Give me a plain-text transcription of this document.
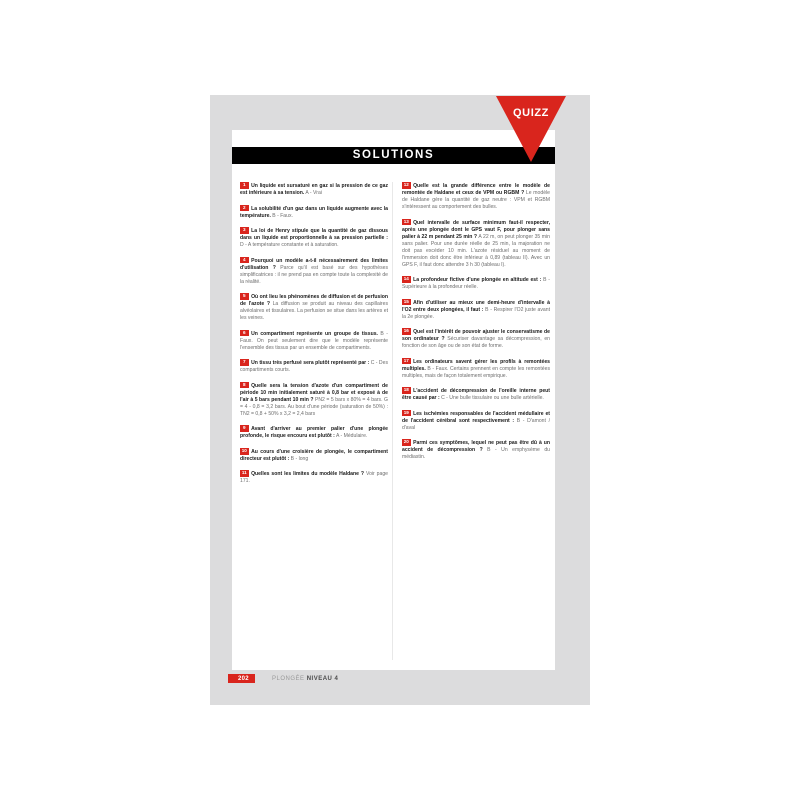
QUIZZ
SOLUTIONS
1 Un liquide est sursaturé en gaz si la pression de ce gaz est inférieure à sa tension. A - Vrai
2 La solubilité d'un gaz dans un liquide augmente avec la température. B - Faux.
3 La loi de Henry stipule que la quantité de gaz dissous dans un liquide est proportionnelle à sa pression partielle : D - A température constante et à saturation.
4 Pourquoi un modèle a-t-il nécessairement des limites d'utilisation ? Parce qu'il est basé sur des hypothèses simplificatrices : il ne prend pas en compte toute la complexité de la réalité.
5 Où ont lieu les phénomènes de diffusion et de perfusion de l'azote ? La diffusion se produit au niveau des capillaires alvéolaires et tissulaires. La perfusion se situe dans les artères et les veines.
6 Un compartiment représente un groupe de tissus. B - Faux. On peut seulement dire que le modèle représente l'ensemble des tissus par un ensemble de compartiments.
7 Un tissu très perfusé sera plutôt représenté par : C - Des compartiments courts.
8 Quelle sera la tension d'azote d'un compartiment de période 10 min initialement saturé à 0,8 bar et exposé à de l'air à 5 bars pendant 10 min ? PN2 = 5 bars x 80% = 4 bars. G = 4 - 0,8 = 3,2 bars. Au bout d'une période (saturation de 50%) : TN2 = 0,8 + 50% x 3,2 = 2,4 bars
9 Avant d'arriver au premier palier d'une plongée profonde, le risque encouru est plutôt : A - Médulaire.
10 Au cours d'une croisière de plongée, le compartiment directeur est plutôt : B - long
11 Quelles sont les limites du modèle Haldane ? Voir page 171.
12 Quelle est la grande différence entre le modèle de remontée de Haldane et ceux de VPM ou RGBM ? Le modèle de Haldane gère la quantité de gaz neutre : VPM et RGBM s'intéressent au comportement des bulles.
13 Quel intervalle de surface minimum faut-il respecter, après une plongée dont le GPS vaut F, pour plonger sans palier à 22 m pendant 25 min ? A 22 m, on peut plonger 35 min sans palier. Pour une durée réelle de 25 min, la majoration ne doit pas excéder 10 min. L'azote résiduel au moment de l'immersion doit donc être inférieur à 0,89 (tableau II). Avec un GPS F, il faut donc attendre 3 h 30 (tableau I).
14 La profondeur fictive d'une plongée en altitude est : B - Supérieure à la profondeur réelle.
15 Afin d'utiliser au mieux une demi-heure d'intervalle à l'O2 entre deux plongées, il faut : B - Respirer l'O2 juste avant la 2e plongée.
16 Quel est l'intérêt de pouvoir ajuster le conservatisme de son ordinateur ? Sécuriser davantage sa décompression, en fonction de son âge ou de son état de forme.
17 Les ordinateurs savent gérer les profils à remontées multiples. B - Faux. Certains prennent en compte les remontées multiples, mais de façon totalement empirique.
18 L'accident de décompression de l'oreille interne peut être causé par : C - Une bulle tissulaire ou une bulle artérielle.
19 Les ischémies responsables de l'accident médullaire et de l'accident cérébral sont respectivement : B - D'amont / d'aval
20 Parmi ces symptômes, lequel ne peut pas être dû à un accident de décompression ? B - Un emphysème du médiastin.
202	PLONGÉE NIVEAU 4
